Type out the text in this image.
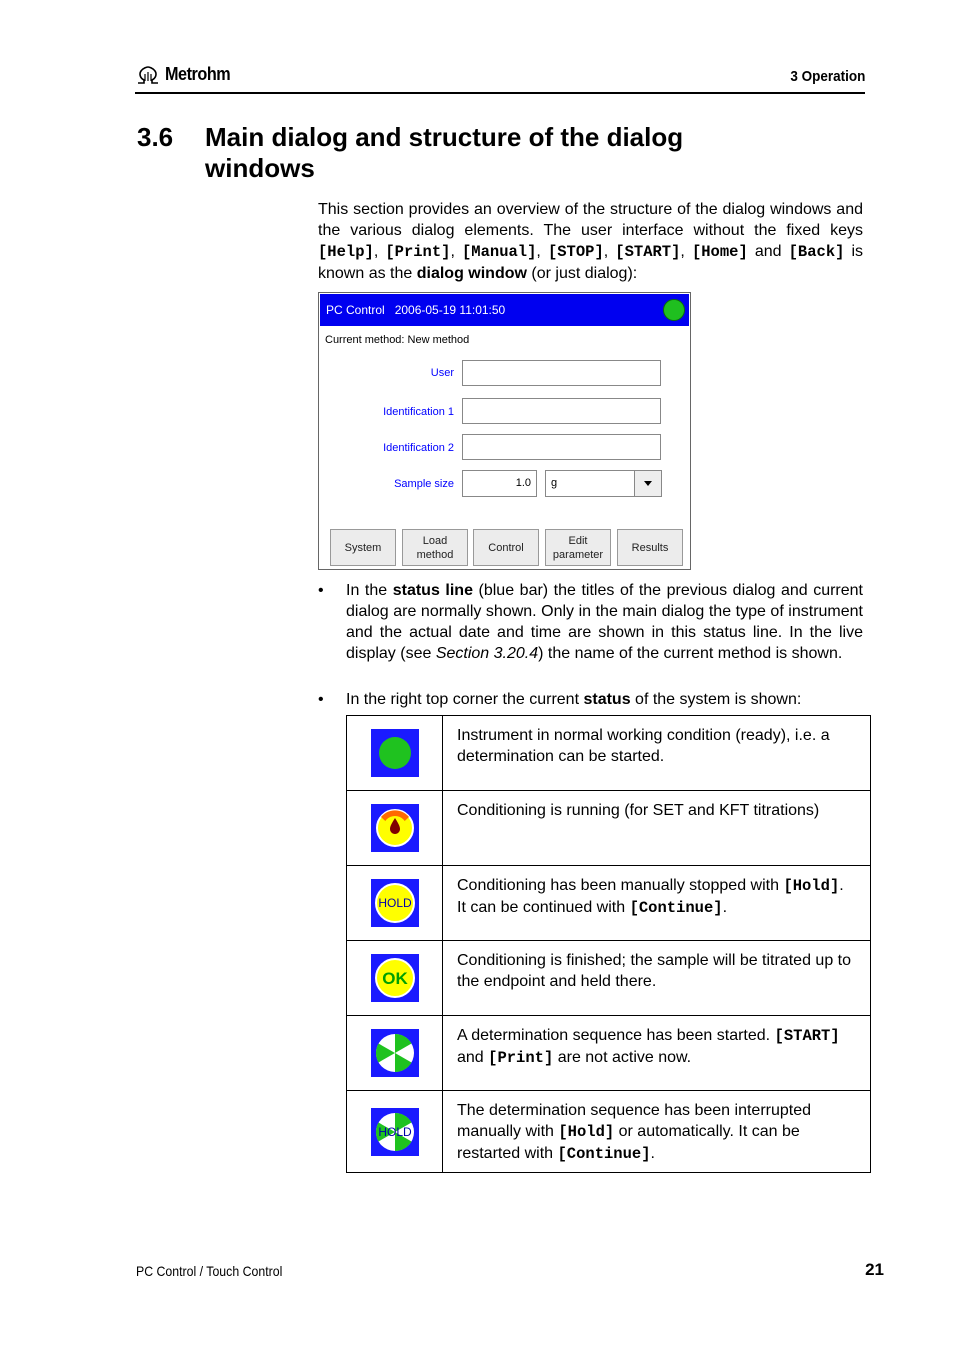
Metrohm	3 Operation
3.6 Main dialog and structure of the dialog
windows
This section provides an overview of the structure of the dialog windows and the various dialog elements. The user interface without the fixed keys [Help], [Print], [Manual], [STOP], [START], [Home] and [Back] is known as the dialog window (or just dialog):
PC Control 2006-05-19 11:01:50
Current method: New method
User
Identification 1
Identification 2
Sample size	1.0	g
System
Load
method
Control
Edit
parameter
Results
• In the status line (blue bar) the titles of the previous dialog and current dialog are normally shown. Only in the main dialog the type of instrument and the actual date and time are shown in this status line. In the live display (see Section 3.20.4) the name of the current method is shown.
• In the right top corner the current status of the system is shown:
	Instrument in normal working condition (ready), i.e. a determination can be started.

	Conditioning is running (for SET and KFT titrations)

HOLD	Conditioning has been manually stopped with [Hold]. It can be continued with [Continue].

OK	Conditioning is finished; the sample will be titrated up to the endpoint and held there.

	A determination sequence has been started. [START] and [Print] are not active now.

HOLD	The determination sequence has been interrupted manually with [Hold] or automatically. It can be restarted with [Continue].
PC Control / Touch Control	21
